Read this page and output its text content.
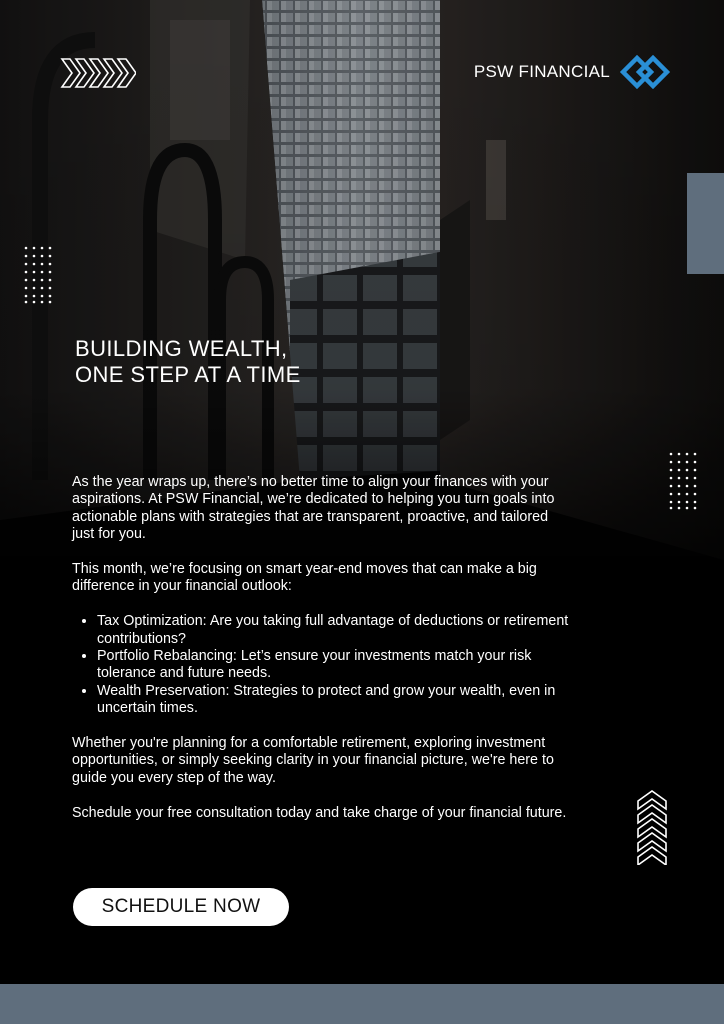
PSW FINANCIAL
BUILDING WEALTH,
ONE STEP AT A TIME

As the year wraps up, there’s no better time to align your finances with your aspirations. At PSW Financial, we’re dedicated to helping you turn goals into actionable plans with strategies that are transparent, proactive, and tailored just for you.

This month, we’re focusing on smart year-end moves that can make a big difference in your financial outlook:

• Tax Optimization: Are you taking full advantage of deductions or retirement contributions?
• Portfolio Rebalancing: Let’s ensure your investments match your risk tolerance and future needs.
• Wealth Preservation: Strategies to protect and grow your wealth, even in uncertain times.

Whether you're planning for a comfortable retirement, exploring investment opportunities, or simply seeking clarity in your financial picture, we're here to guide you every step of the way.

Schedule your free consultation today and take charge of your financial future.

SCHEDULE NOW
